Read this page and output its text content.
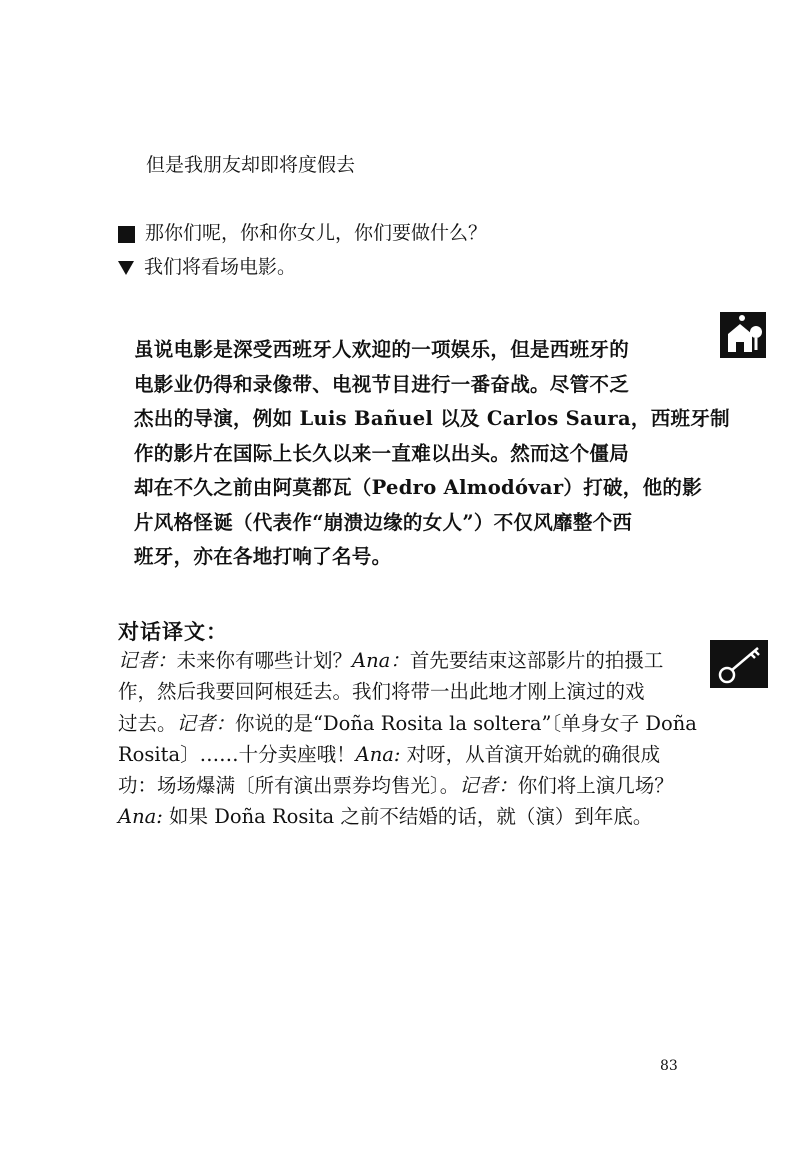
但是我朋友却即将度假去
那你们呢，你和你女儿，你们要做什么？
我们将看场电影。
虽说电影是深受西班牙人欢迎的一项娱乐，但是西班牙的
电影业仍得和录像带、电视节目进行一番奋战。尽管不乏
杰出的导演，例如 Luis Bañuel 以及 Carlos Saura，西班牙制
作的影片在国际上长久以来一直难以出头。然而这个僵局
却在不久之前由阿莫都瓦（Pedro Almodóvar）打破，他的影
片风格怪诞（代表作“崩溃边缘的女人”）不仅风靡整个西
班牙，亦在各地打响了名号。
对话译文：
记者：未来你有哪些计划？Ana：首先要结束这部影片的拍摄工
作，然后我要回阿根廷去。我们将带一出此地才刚上演过的戏
过去。记者：你说的是“Doña Rosita la soltera”〔单身女子 Doña
Rosita〕……十分卖座哦！Ana: 对呀，从首演开始就的确很成
功：场场爆满〔所有演出票券均售光〕。记者：你们将上演几场？
Ana: 如果 Doña Rosita 之前不结婚的话，就（演）到年底。
83
